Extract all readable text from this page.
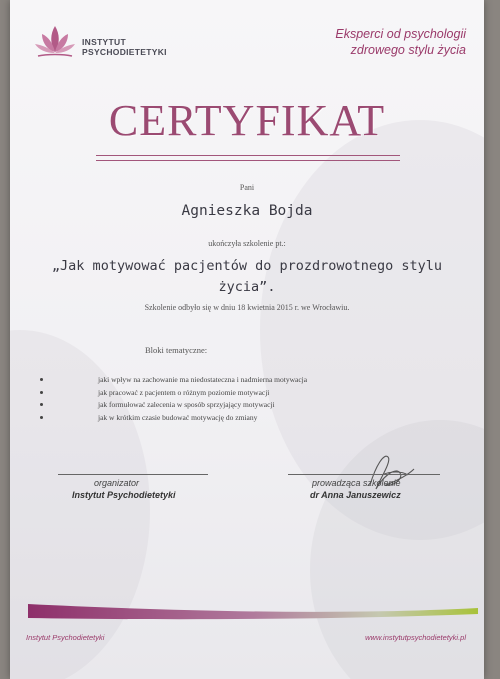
INSTYTUT
PSYCHODIETETYKI
Eksperci od psychologii
zdrowego stylu życia
CERTYFIKAT
Pani
Agnieszka Bojda
ukończyła szkolenie pt.:
„Jak motywować pacjentów do prozdrowotnego stylu
życia”.
Szkolenie odbyło się w dniu 18 kwietnia 2015 r. we Wrocławiu.
Bloki tematyczne:
jaki wpływ na zachowanie ma niedostateczna i nadmierna motywacja
jak pracować z pacjentem o różnym poziomie motywacji
jak formułować zalecenia w sposób sprzyjający motywacji
jak w krótkim czasie budować motywację do zmiany
organizator
Instytut Psychodietetyki
prowadząca szkolenie
dr Anna Januszewicz
Instytut Psychodietetyki	www.instytutpsychodietetyki.pl
